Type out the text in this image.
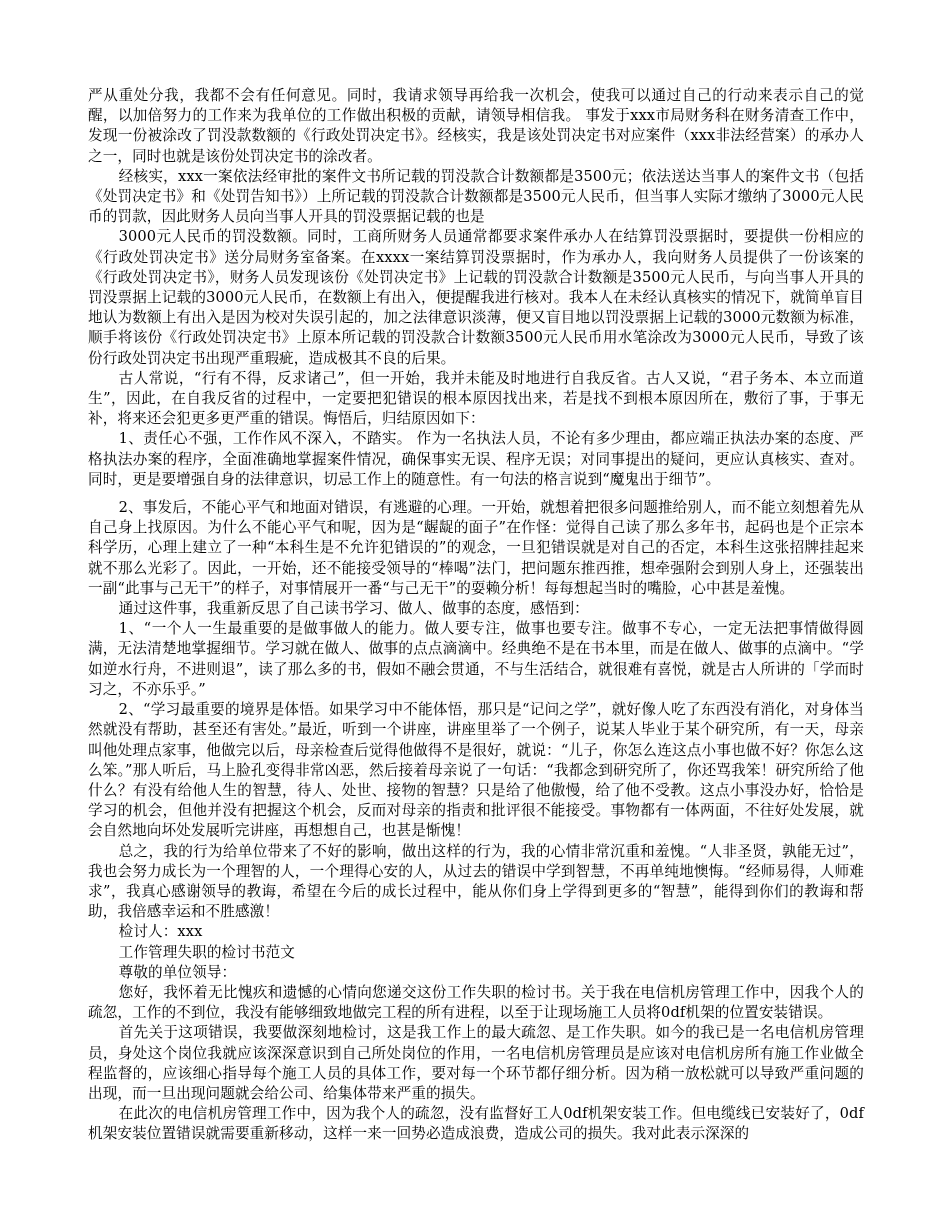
严从重处分我，我都不会有任何意见。同时，我请求领导再给我一次机会，使我可以通过自己的行动来表示自己的觉醒，以加倍努力的工作来为我单位的工作做出积极的贡献，请领导相信我。 事发于xxx市局财务科在财务清查工作中，发现一份被涂改了罚没款数额的《行政处罚决定书》。经核实，我是该处罚决定书对应案件（xxx非法经营案）的承办人之一，同时也就是该份处罚决定书的涂改者。

经核实，xxx一案依法经审批的案件文书所记载的罚没款合计数额都是3500元；依法送达当事人的案件文书（包括《处罚决定书》和《处罚告知书》）上所记载的罚没款合计数额都是3500元人民币，但当事人实际才缴纳了3000元人民币的罚款，因此财务人员向当事人开具的罚没票据记载的也是

3000元人民币的罚没数额。同时，工商所财务人员通常都要求案件承办人在结算罚没票据时，要提供一份相应的《行政处罚决定书》送分局财务室备案。在xxxx一案结算罚没票据时，作为承办人，我向财务人员提供了一份该案的《行政处罚决定书》，财务人员发现该份《处罚决定书》上记载的罚没款合计数额是3500元人民币，与向当事人开具的罚没票据上记载的3000元人民币，在数额上有出入，便提醒我进行核对。我本人在未经认真核实的情况下，就简单盲目地认为数额上有出入是因为校对失误引起的，加之法律意识淡薄，便又盲目地以罚没票据上记载的3000元数额为标准，顺手将该份《行政处罚决定书》上原本所记载的罚没款合计数额3500元人民币用水笔涂改为3000元人民币，导致了该份行政处罚决定书出现严重瑕疵，造成极其不良的后果。

古人常说，“行有不得，反求诸己”，但一开始，我并未能及时地进行自我反省。古人又说，“君子务本、本立而道生”，因此，在自我反省的过程中，一定要把犯错误的根本原因找出来，若是找不到根本原因所在，敷衍了事，于事无补，将来还会犯更多更严重的错误。悔悟后，归结原因如下：

1、责任心不强，工作作风不深入，不踏实。 作为一名执法人员，不论有多少理由，都应端正执法办案的态度、严格执法办案的程序，全面准确地掌握案件情况，确保事实无误、程序无误；对同事提出的疑问，更应认真核实、查对。同时，更是要增强自身的法律意识，切忌工作上的随意性。有一句法的格言说到“魔鬼出于细节”。

2、事发后，不能心平气和地面对错误，有逃避的心理。一开始，就想着把很多问题推给别人，而不能立刻想着先从自己身上找原因。为什么不能心平气和呢，因为是“龌龊的面子”在作怪：觉得自己读了那么多年书，起码也是个正宗本科学历，心理上建立了一种“本科生是不允许犯错误的”的观念，一旦犯错误就是对自己的否定，本科生这张招牌挂起来就不那么光彩了。因此，一开始，还不能接受领导的“棒喝”法门，把问题东推西推，想牵强附会到别人身上，还强装出一副“此事与己无干”的样子，对事情展开一番“与己无干”的耍赖分析！每每想起当时的嘴脸，心中甚是羞愧。

通过这件事，我重新反思了自己读书学习、做人、做事的态度，感悟到：

1、“一个人一生最重要的是做事做人的能力。做人要专注，做事也要专注。做事不专心，一定无法把事情做得圆满，无法清楚地掌握细节。学习就在做人、做事的点点滴滴中。经典绝不是在书本里，而是在做人、做事的点滴中。“学如逆水行舟，不进则退”，读了那么多的书，假如不融会贯通，不与生活结合，就很难有喜悦，就是古人所讲的「学而时习之，不亦乐乎。”

2、“学习最重要的境界是体悟。如果学习中不能体悟，那只是“记问之学”，就好像人吃了东西没有消化，对身体当然就没有帮助，甚至还有害处。”最近，听到一个讲座，讲座里举了一个例子，说某人毕业于某个研究所，有一天，母亲叫他处理点家事，他做完以后，母亲检查后觉得他做得不是很好，就说：“儿子，你怎么连这点小事也做不好？你怎么这么笨。”那人听后，马上脸孔变得非常凶恶，然后接着母亲说了一句话：“我都念到研究所了，你还骂我笨！研究所给了他什么？有没有给他人生的智慧，待人、处世、接物的智慧？只是给了他傲慢，给了他不受教。这点小事没办好，恰恰是学习的机会，但他并没有把握这个机会，反而对母亲的指责和批评很不能接受。事物都有一体两面，不往好处发展，就会自然地向坏处发展听完讲座，再想想自己，也甚是惭愧！

总之，我的行为给单位带来了不好的影响，做出这样的行为，我的心情非常沉重和羞愧。“人非圣贤，孰能无过”，我也会努力成长为一个理智的人，一个理得心安的人，从过去的错误中学到智慧，不再单纯地懊悔。“经师易得，人师难求”，我真心感谢领导的教诲，希望在今后的成长过程中，能从你们身上学得到更多的“智慧”，能得到你们的教诲和帮助，我倍感幸运和不胜感激！

检讨人：xxx

工作管理失职的检讨书范文

尊敬的单位领导：

您好，我怀着无比愧疚和遗憾的心情向您递交这份工作失职的检讨书。关于我在电信机房管理工作中，因我个人的疏忽，工作的不到位，我没有能够细致地做完工程的所有进程，以至于让现场施工人员将0df机架的位置安装错误。

首先关于这项错误，我要做深刻地检讨，这是我工作上的最大疏忽、是工作失职。如今的我已是一名电信机房管理员，身处这个岗位我就应该深深意识到自己所处岗位的作用，一名电信机房管理员是应该对电信机房所有施工作业做全程监督的，应该细心指导每个施工人员的具体工作，要对每一个环节都仔细分析。因为稍一放松就可以导致严重问题的出现，而一旦出现问题就会给公司、给集体带来严重的损失。

在此次的电信机房管理工作中，因为我个人的疏忽，没有监督好工人0df机架安装工作。但电缆线已安装好了，0df机架安装位置错误就需要重新移动，这样一来一回势必造成浪费，造成公司的损失。我对此表示深深的
